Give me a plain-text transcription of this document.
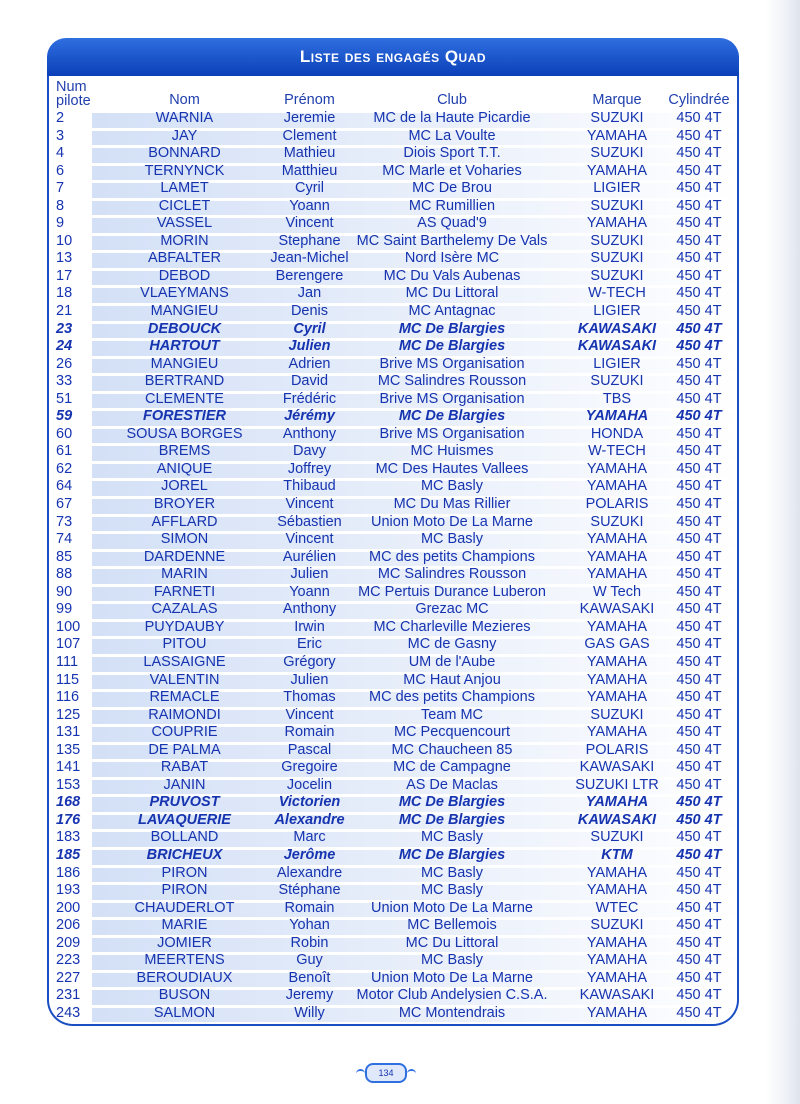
Liste des engagés Quad
Num pilote	Nom	Prénom	Club	Marque	Cylindrée
2	WARNIA	Jeremie	MC de la Haute Picardie	SUZUKI	450 4T
3	JAY	Clement	MC La Voulte	YAMAHA	450 4T
4	BONNARD	Mathieu	Diois Sport T.T.	SUZUKI	450 4T
6	TERNYNCK	Matthieu	MC Marle et Voharies	YAMAHA	450 4T
7	LAMET	Cyril	MC De Brou	LIGIER	450 4T
8	CICLET	Yoann	MC Rumillien	SUZUKI	450 4T
9	VASSEL	Vincent	AS Quad'9	YAMAHA	450 4T
10	MORIN	Stephane	MC Saint Barthelemy De Vals	SUZUKI	450 4T
13	ABFALTER	Jean-Michel	Nord Isère MC	SUZUKI	450 4T
17	DEBOD	Berengere	MC Du Vals Aubenas	SUZUKI	450 4T
18	VLAEYMANS	Jan	MC Du Littoral	W-TECH	450 4T
21	MANGIEU	Denis	MC Antagnac	LIGIER	450 4T
23	DEBOUCK	Cyril	MC De Blargies	KAWASAKI	450 4T
24	HARTOUT	Julien	MC De Blargies	KAWASAKI	450 4T
26	MANGIEU	Adrien	Brive MS Organisation	LIGIER	450 4T
33	BERTRAND	David	MC Salindres Rousson	SUZUKI	450 4T
51	CLEMENTE	Frédéric	Brive MS Organisation	TBS	450 4T
59	FORESTIER	Jérémy	MC De Blargies	YAMAHA	450 4T
60	SOUSA BORGES	Anthony	Brive MS Organisation	HONDA	450 4T
61	BREMS	Davy	MC Huismes	W-TECH	450 4T
62	ANIQUE	Joffrey	MC Des Hautes Vallees	YAMAHA	450 4T
64	JOREL	Thibaud	MC Basly	YAMAHA	450 4T
67	BROYER	Vincent	MC Du Mas Rillier	POLARIS	450 4T
73	AFFLARD	Sébastien	Union Moto De La Marne	SUZUKI	450 4T
74	SIMON	Vincent	MC Basly	YAMAHA	450 4T
85	DARDENNE	Aurélien	MC des petits Champions	YAMAHA	450 4T
88	MARIN	Julien	MC Salindres Rousson	YAMAHA	450 4T
90	FARNETI	Yoann	MC Pertuis Durance Luberon	W Tech	450 4T
99	CAZALAS	Anthony	Grezac MC	KAWASAKI	450 4T
100	PUYDAUBY	Irwin	MC Charleville Mezieres	YAMAHA	450 4T
107	PITOU	Eric	MC de Gasny	GAS GAS	450 4T
111	LASSAIGNE	Grégory	UM de l'Aube	YAMAHA	450 4T
115	VALENTIN	Julien	MC Haut Anjou	YAMAHA	450 4T
116	REMACLE	Thomas	MC des petits Champions	YAMAHA	450 4T
125	RAIMONDI	Vincent	Team MC	SUZUKI	450 4T
131	COUPRIE	Romain	MC Pecquencourt	YAMAHA	450 4T
135	DE PALMA	Pascal	MC Chaucheen 85	POLARIS	450 4T
141	RABAT	Gregoire	MC de Campagne	KAWASAKI	450 4T
153	JANIN	Jocelin	AS De Maclas	SUZUKI LTR	450 4T
168	PRUVOST	Victorien	MC De Blargies	YAMAHA	450 4T
176	LAVAQUERIE	Alexandre	MC De Blargies	KAWASAKI	450 4T
183	BOLLAND	Marc	MC Basly	SUZUKI	450 4T
185	BRICHEUX	Jerôme	MC De Blargies	KTM	450 4T
186	PIRON	Alexandre	MC Basly	YAMAHA	450 4T
193	PIRON	Stéphane	MC Basly	YAMAHA	450 4T
200	CHAUDERLOT	Romain	Union Moto De La Marne	WTEC	450 4T
206	MARIE	Yohan	MC Bellemois	SUZUKI	450 4T
209	JOMIER	Robin	MC Du Littoral	YAMAHA	450 4T
223	MEERTENS	Guy	MC Basly	YAMAHA	450 4T
227	BEROUDIAUX	Benoît	Union Moto De La Marne	YAMAHA	450 4T
231	BUSON	Jeremy	Motor Club Andelysien C.S.A.	KAWASAKI	450 4T
243	SALMON	Willy	MC Montendrais	YAMAHA	450 4T
134
